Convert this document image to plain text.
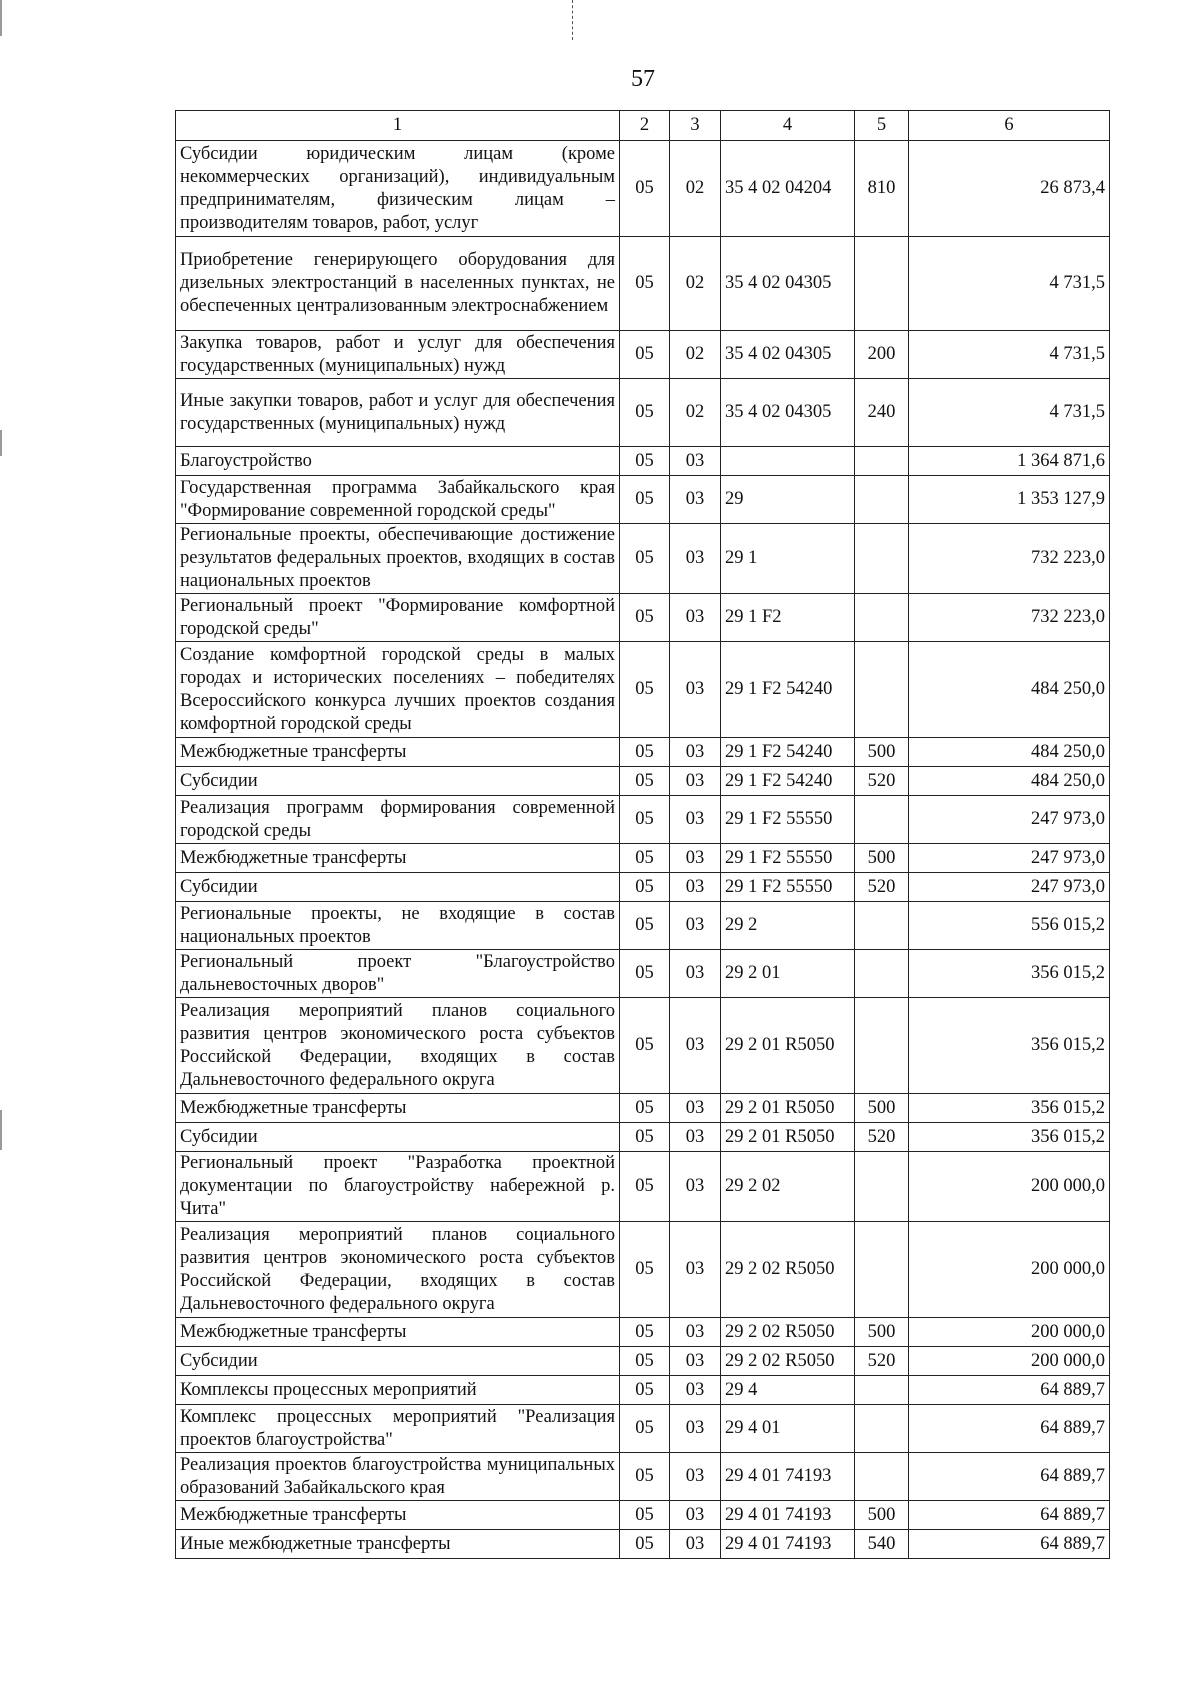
57
1	2	3	4	5	6
Субсидии юридическим лицам (кроме некоммерческих организаций), индивидуальным предпринимателям, физическим лицам – производителям товаров, работ, услуг	05	02	35 4 02 04204	810	26 873,4
Приобретение генерирующего оборудования для дизельных электростанций в населенных пунктах, не обеспеченных централизованным электроснабжением	05	02	35 4 02 04305		4 731,5
Закупка товаров, работ и услуг для обеспечения государственных (муниципальных) нужд	05	02	35 4 02 04305	200	4 731,5
Иные закупки товаров, работ и услуг для обеспечения государственных (муниципальных) нужд	05	02	35 4 02 04305	240	4 731,5
Благоустройство	05	03			1 364 871,6
Государственная программа Забайкальского края "Формирование современной городской среды"	05	03	29		1 353 127,9
Региональные проекты, обеспечивающие достижение результатов федеральных проектов, входящих в состав национальных проектов	05	03	29 1		732 223,0
Региональный проект "Формирование комфортной городской среды"	05	03	29 1 F2		732 223,0
Создание комфортной городской среды в малых городах и исторических поселениях – победителях Всероссийского конкурса лучших проектов создания комфортной городской среды	05	03	29 1 F2 54240		484 250,0
Межбюджетные трансферты	05	03	29 1 F2 54240	500	484 250,0
Субсидии	05	03	29 1 F2 54240	520	484 250,0
Реализация программ формирования современной городской среды	05	03	29 1 F2 55550		247 973,0
Межбюджетные трансферты	05	03	29 1 F2 55550	500	247 973,0
Субсидии	05	03	29 1 F2 55550	520	247 973,0
Региональные проекты, не входящие в состав национальных проектов	05	03	29 2		556 015,2
Региональный проект "Благоустройство дальневосточных дворов"	05	03	29 2 01		356 015,2
Реализация мероприятий планов социального развития центров экономического роста субъектов Российской Федерации, входящих в состав Дальневосточного федерального округа	05	03	29 2 01 R5050		356 015,2
Межбюджетные трансферты	05	03	29 2 01 R5050	500	356 015,2
Субсидии	05	03	29 2 01 R5050	520	356 015,2
Региональный проект "Разработка проектной документации по благоустройству набережной р. Чита"	05	03	29 2 02		200 000,0
Реализация мероприятий планов социального развития центров экономического роста субъектов Российской Федерации, входящих в состав Дальневосточного федерального округа	05	03	29 2 02 R5050		200 000,0
Межбюджетные трансферты	05	03	29 2 02 R5050	500	200 000,0
Субсидии	05	03	29 2 02 R5050	520	200 000,0
Комплексы процессных мероприятий	05	03	29 4		64 889,7
Комплекс процессных мероприятий "Реализация проектов благоустройства"	05	03	29 4 01		64 889,7
Реализация проектов благоустройства муниципальных образований Забайкальского края	05	03	29 4 01 74193		64 889,7
Межбюджетные трансферты	05	03	29 4 01 74193	500	64 889,7
Иные межбюджетные трансферты	05	03	29 4 01 74193	540	64 889,7
